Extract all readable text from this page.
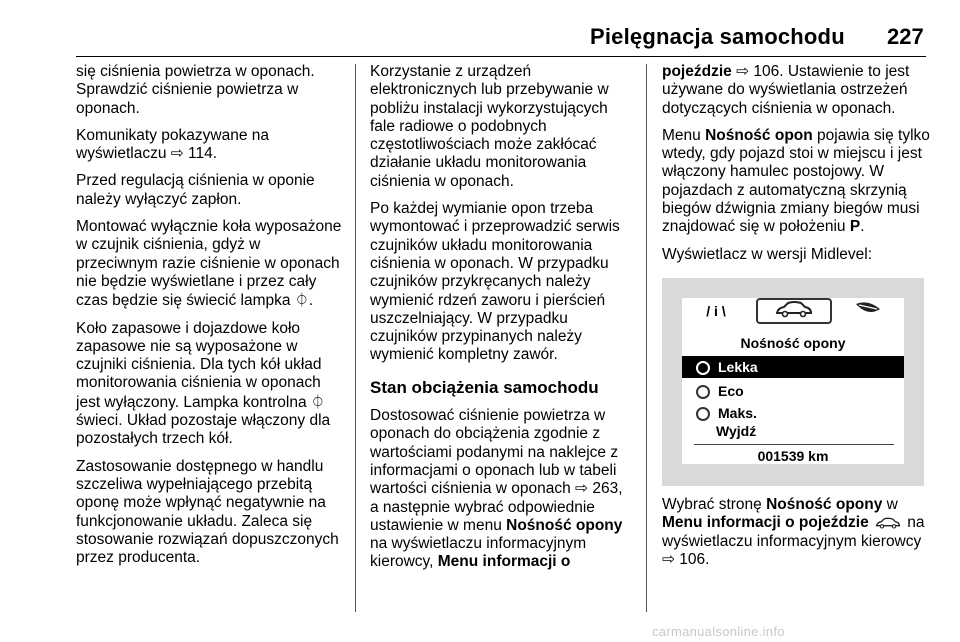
Pielęgnacja samochodu 227

się ciśnienia powietrza w oponach. Sprawdzić ciśnienie powietrza w oponach.

Komunikaty pokazywane na wyświetlaczu ⇨ 114.

Przed regulacją ciśnienia w oponie należy wyłączyć zapłon.

Montować wyłącznie koła wyposażone w czujnik ciśnienia, gdyż w przeciwnym razie ciśnienie w oponach nie będzie wyświetlane i przez cały czas będzie się świecić lampka ⏀.

Koło zapasowe i dojazdowe koło zapasowe nie są wyposażone w czujniki ciśnienia. Dla tych kół układ monitorowania ciśnienia w oponach jest wyłączony. Lampka kontrolna ⏀ świeci. Układ pozostaje włączony dla pozostałych trzech kół.

Zastosowanie dostępnego w handlu szczeliwa wypełniającego przebitą oponę może wpłynąć negatywnie na funkcjonowanie układu. Zaleca się stosowanie rozwiązań dopuszczonych przez producenta.

Korzystanie z urządzeń elektronicznych lub przebywanie w pobliżu instalacji wykorzystujących fale radiowe o podobnych częstotliwościach może zakłócać działanie układu monitorowania ciśnienia w oponach.

Po każdej wymianie opon trzeba wymontować i przeprowadzić serwis czujników układu monitorowania ciśnienia w oponach. W przypadku czujników przykręcanych należy wymienić rdzeń zaworu i pierścień uszczelniający. W przypadku czujników przypinanych należy wymienić kompletny zawór.

Stan obciążenia samochodu

Dostosować ciśnienie powietrza w oponach do obciążenia zgodnie z wartościami podanymi na naklejce z informacjami o oponach lub w tabeli wartości ciśnienia w oponach ⇨ 263, a następnie wybrać odpowiednie ustawienie w menu Nośność opony na wyświetlaczu informacyjnym kierowcy, Menu informacji o

pojeździe ⇨ 106. Ustawienie to jest używane do wyświetlania ostrzeżeń dotyczących ciśnienia w oponach.

Menu Nośność opon pojawia się tylko wtedy, gdy pojazd stoi w miejscu i jest włączony hamulec postojowy. W pojazdach z automatyczną skrzynią biegów dźwignia zmiany biegów musi znajdować się w położeniu P.

Wyświetlacz w wersji Midlevel:

/ i \
Nośność opony
Lekka
Eco
Maks.
Wyjdź
001539 km

Wybrać stronę Nośność opony w Menu informacji o pojeździe  na wyświetlaczu informacyjnym kierowcy ⇨ 106.

carmanualsonline.info
